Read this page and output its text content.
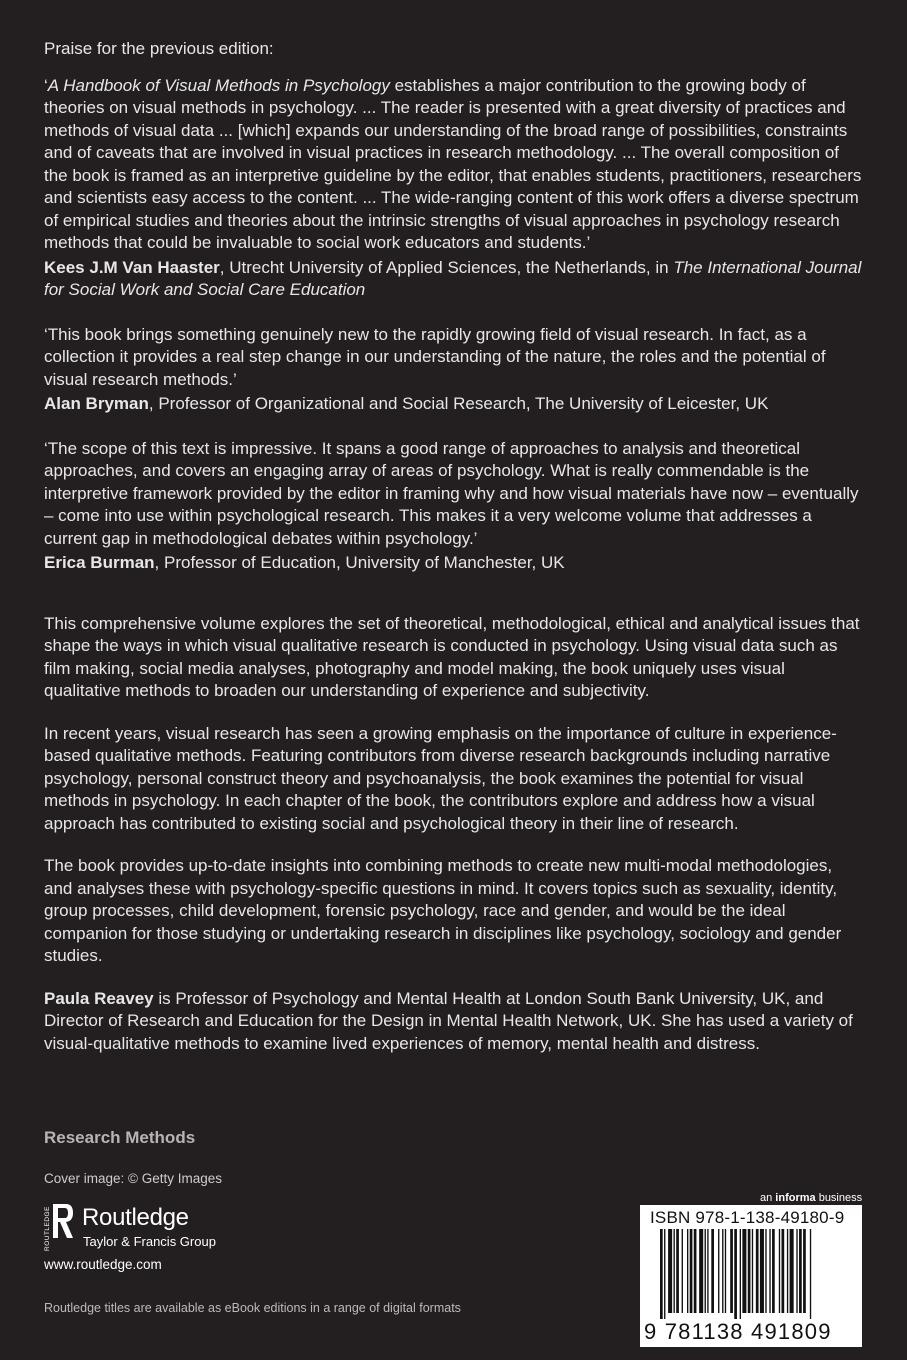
Praise for the previous edition:

‘A Handbook of Visual Methods in Psychology establishes a major contribution to the growing body of theories on visual methods in psychology. ... The reader is presented with a great diversity of practices and methods of visual data ... [which] expands our understanding of the broad range of possibilities, constraints and of caveats that are involved in visual practices in research methodology. ... The overall composition of the book is framed as an interpretive guideline by the editor, that enables students, practitioners, researchers and scientists easy access to the content. ... The wide-ranging content of this work offers a diverse spectrum of empirical studies and theories about the intrinsic strengths of visual approaches in psychology research methods that could be invaluable to social work educators and students.’

Kees J.M Van Haaster, Utrecht University of Applied Sciences, the Netherlands, in The International Journal for Social Work and Social Care Education

‘This book brings something genuinely new to the rapidly growing field of visual research. In fact, as a collection it provides a real step change in our understanding of the nature, the roles and the potential of visual research methods.’

Alan Bryman, Professor of Organizational and Social Research, The University of Leicester, UK

‘The scope of this text is impressive. It spans a good range of approaches to analysis and theoretical approaches, and covers an engaging array of areas of psychology. What is really commendable is the interpretive framework provided by the editor in framing why and how visual materials have now – eventually – come into use within psychological research. This makes it a very welcome volume that addresses a current gap in methodological debates within psychology.’

Erica Burman, Professor of Education, University of Manchester, UK

This comprehensive volume explores the set of theoretical, methodological, ethical and analytical issues that shape the ways in which visual qualitative research is conducted in psychology. Using visual data such as film making, social media analyses, photography and model making, the book uniquely uses visual qualitative methods to broaden our understanding of experience and subjectivity.

In recent years, visual research has seen a growing emphasis on the importance of culture in experience-based qualitative methods. Featuring contributors from diverse research backgrounds including narrative psychology, personal construct theory and psychoanalysis, the book examines the potential for visual methods in psychology. In each chapter of the book, the contributors explore and address how a visual approach has contributed to existing social and psychological theory in their line of research.

The book provides up-to-date insights into combining methods to create new multi-modal methodologies, and analyses these with psychology-specific questions in mind. It covers topics such as sexuality, identity, group processes, child development, forensic psychology, race and gender, and would be the ideal companion for those studying or undertaking research in disciplines like psychology, sociology and gender studies.

Paula Reavey is Professor of Psychology and Mental Health at London South Bank University, UK, and Director of Research and Education for the Design in Mental Health Network, UK. She has used a variety of visual-qualitative methods to examine lived experiences of memory, mental health and distress.

Research Methods
Cover image: © Getty Images
ROUTLEDGE Routledge
Taylor & Francis Group
www.routledge.com
Routledge titles are available as eBook editions in a range of digital formats
an informa business
ISBN 978-1-138-49180-9
9 781138 491809
